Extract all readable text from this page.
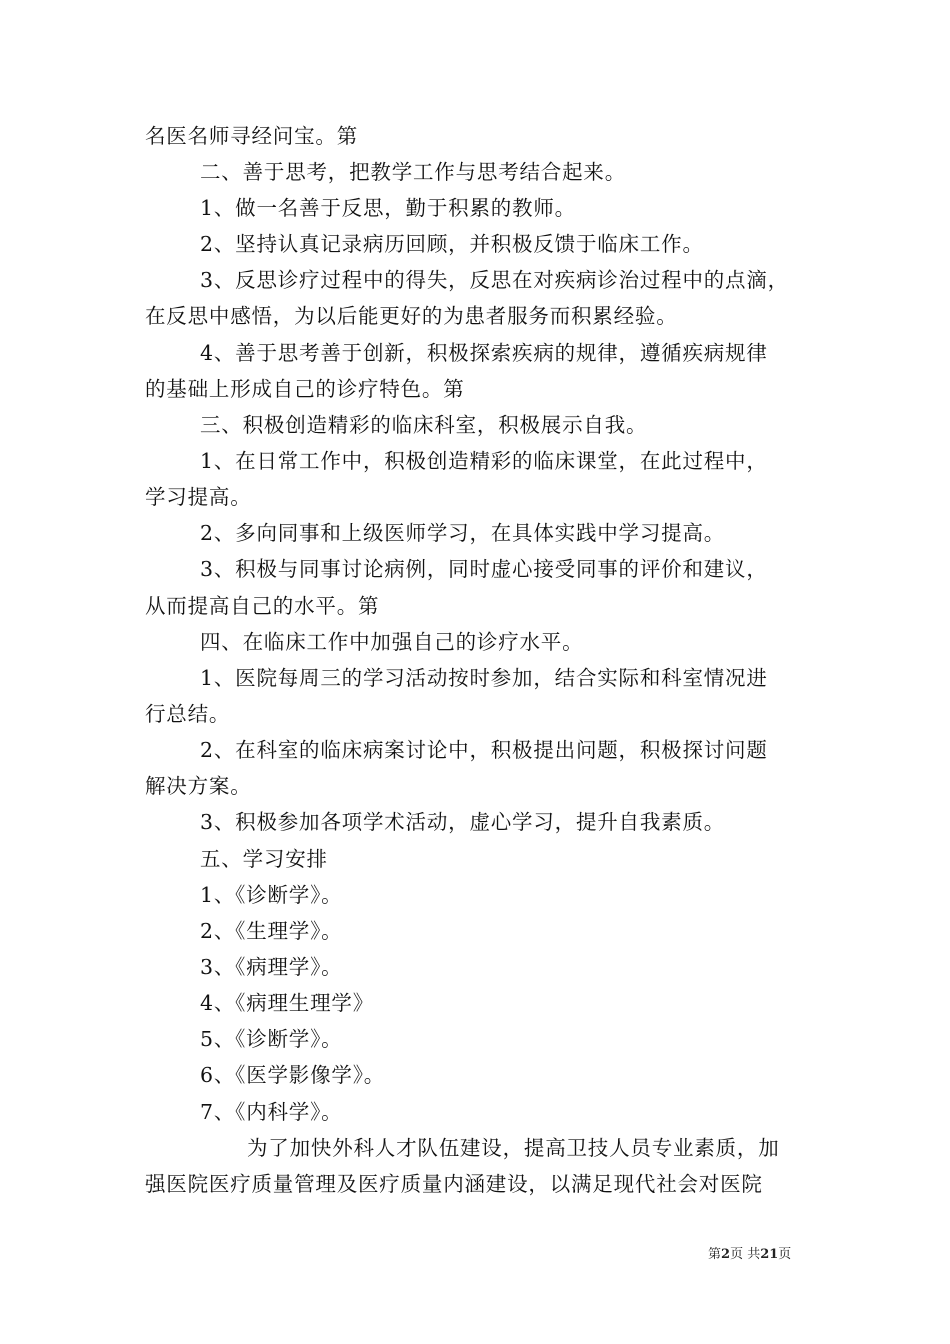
名医名师寻经问宝。第
二、善于思考，把教学工作与思考结合起来。
1、做一名善于反思，勤于积累的教师。
2、坚持认真记录病历回顾，并积极反馈于临床工作。
3、反思诊疗过程中的得失，反思在对疾病诊治过程中的点滴，
在反思中感悟，为以后能更好的为患者服务而积累经验。
4、善于思考善于创新，积极探索疾病的规律，遵循疾病规律
的基础上形成自己的诊疗特色。第
三、积极创造精彩的临床科室，积极展示自我。
1、在日常工作中，积极创造精彩的临床课堂，在此过程中，
学习提高。
2、多向同事和上级医师学习，在具体实践中学习提高。
3、积极与同事讨论病例，同时虚心接受同事的评价和建议，
从而提高自己的水平。第
四、在临床工作中加强自己的诊疗水平。
1、医院每周三的学习活动按时参加，结合实际和科室情况进
行总结。
2、在科室的临床病案讨论中，积极提出问题，积极探讨问题
解决方案。
3、积极参加各项学术活动，虚心学习，提升自我素质。
五、学习安排
1、《诊断学》。
2、《生理学》。
3、《病理学》。
4、《病理生理学》
5、《诊断学》。
6、《医学影像学》。
7、《内科学》。
为了加快外科人才队伍建设，提高卫技人员专业素质，加
强医院医疗质量管理及医疗质量内涵建设，以满足现代社会对医院
第2页 共21页
